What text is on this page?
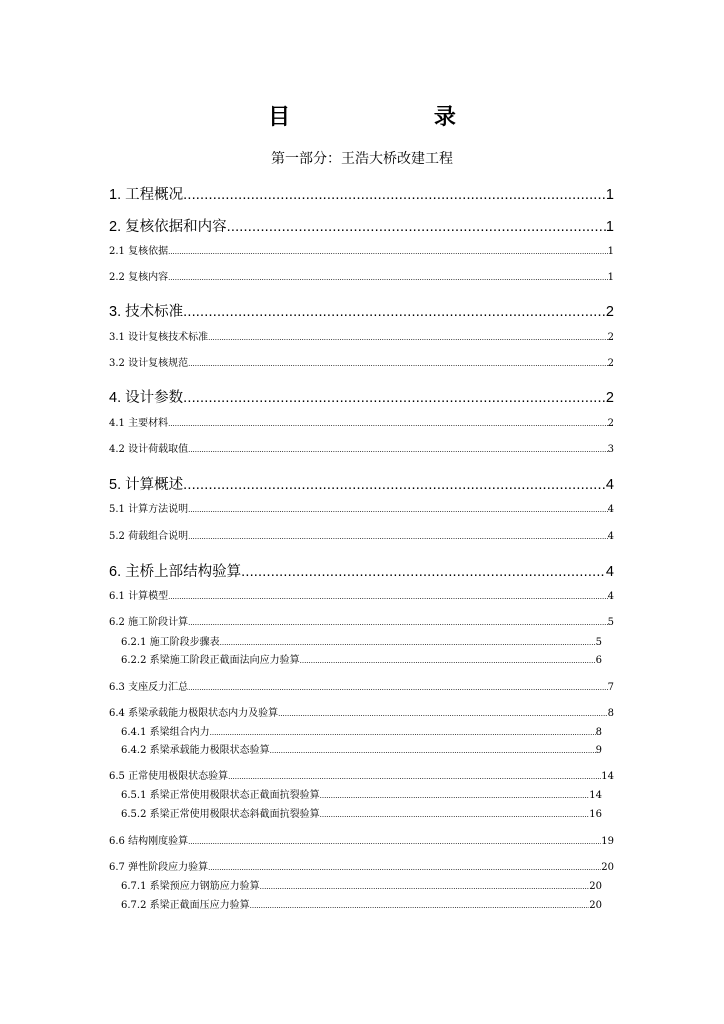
目 录
第一部分：王浩大桥改建工程
1. 工程概况 .....	1
2. 复核依据和内容 .....	1
2.1 复核依据 .....	1
2.2 复核内容 .....	1
3. 技术标准 .....	2
3.1 设计复核技术标准 .....	2
3.2 设计复核规范 .....	2
4. 设计参数 .....	2
4.1 主要材料 .....	2
4.2 设计荷载取值 .....	3
5. 计算概述 .....	4
5.1 计算方法说明 .....	4
5.2 荷载组合说明 .....	4
6. 主桥上部结构验算 .....	4
6.1 计算模型 .....	4
6.2 施工阶段计算 .....	5
6.2.1 施工阶段步骤表 .....	5
6.2.2 系梁施工阶段正截面法向应力验算 .....	6
6.3 支座反力汇总 .....	7
6.4 系梁承载能力极限状态内力及验算 .....	8
6.4.1 系梁组合内力 .....	8
6.4.2 系梁承载能力极限状态验算 .....	9
6.5 正常使用极限状态验算 .....	14
6.5.1 系梁正常使用极限状态正截面抗裂验算 .....	14
6.5.2 系梁正常使用极限状态斜截面抗裂验算 .....	16
6.6 结构刚度验算 .....	19
6.7 弹性阶段应力验算 .....	20
6.7.1 系梁预应力钢筋应力验算 .....	20
6.7.2 系梁正截面压应力验算 .....	20
